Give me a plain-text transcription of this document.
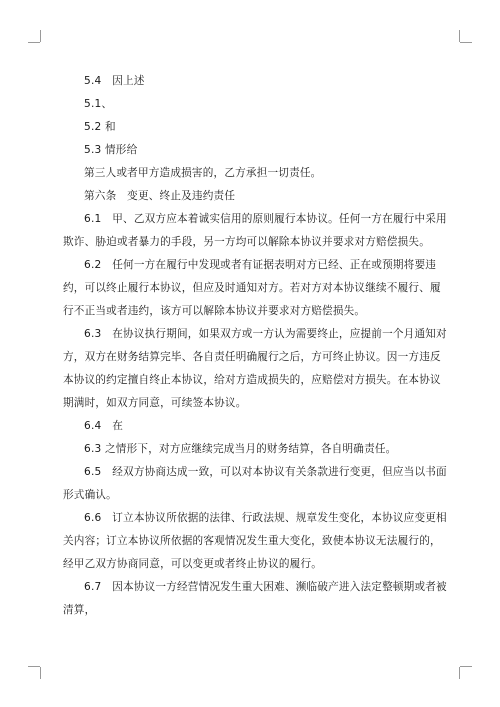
5.4　因上述

5.1、

5.2 和

5.3 情形给

第三人或者甲方造成损害的，乙方承担一切责任。

第六条　变更、终止及违约责任

6.1　甲、乙双方应本着诚实信用的原则履行本协议。任何一方在履行中采用欺诈、胁迫或者暴力的手段，另一方均可以解除本协议并要求对方赔偿损失。

6.2　任何一方在履行中发现或者有证据表明对方已经、正在或预期将要违约，可以终止履行本协议，但应及时通知对方。若对方对本协议继续不履行、履行不正当或者违约，该方可以解除本协议并要求对方赔偿损失。

6.3　在协议执行期间，如果双方或一方认为需要终止，应提前一个月通知对方，双方在财务结算完毕、各自责任明确履行之后，方可终止协议。因一方违反本协议的约定擅自终止本协议，给对方造成损失的，应赔偿对方损失。在本协议期满时，如双方同意，可续签本协议。

6.4　在

6.3 之情形下，对方应继续完成当月的财务结算，各自明确责任。

6.5　经双方协商达成一致，可以对本协议有关条款进行变更，但应当以书面形式确认。

6.6　订立本协议所依据的法律、行政法规、规章发生变化，本协议应变更相关内容；订立本协议所依据的客观情况发生重大变化，致使本协议无法履行的，经甲乙双方协商同意，可以变更或者终止协议的履行。

6.7　因本协议一方经营情况发生重大困难、濒临破产进入法定整顿期或者被清算，
